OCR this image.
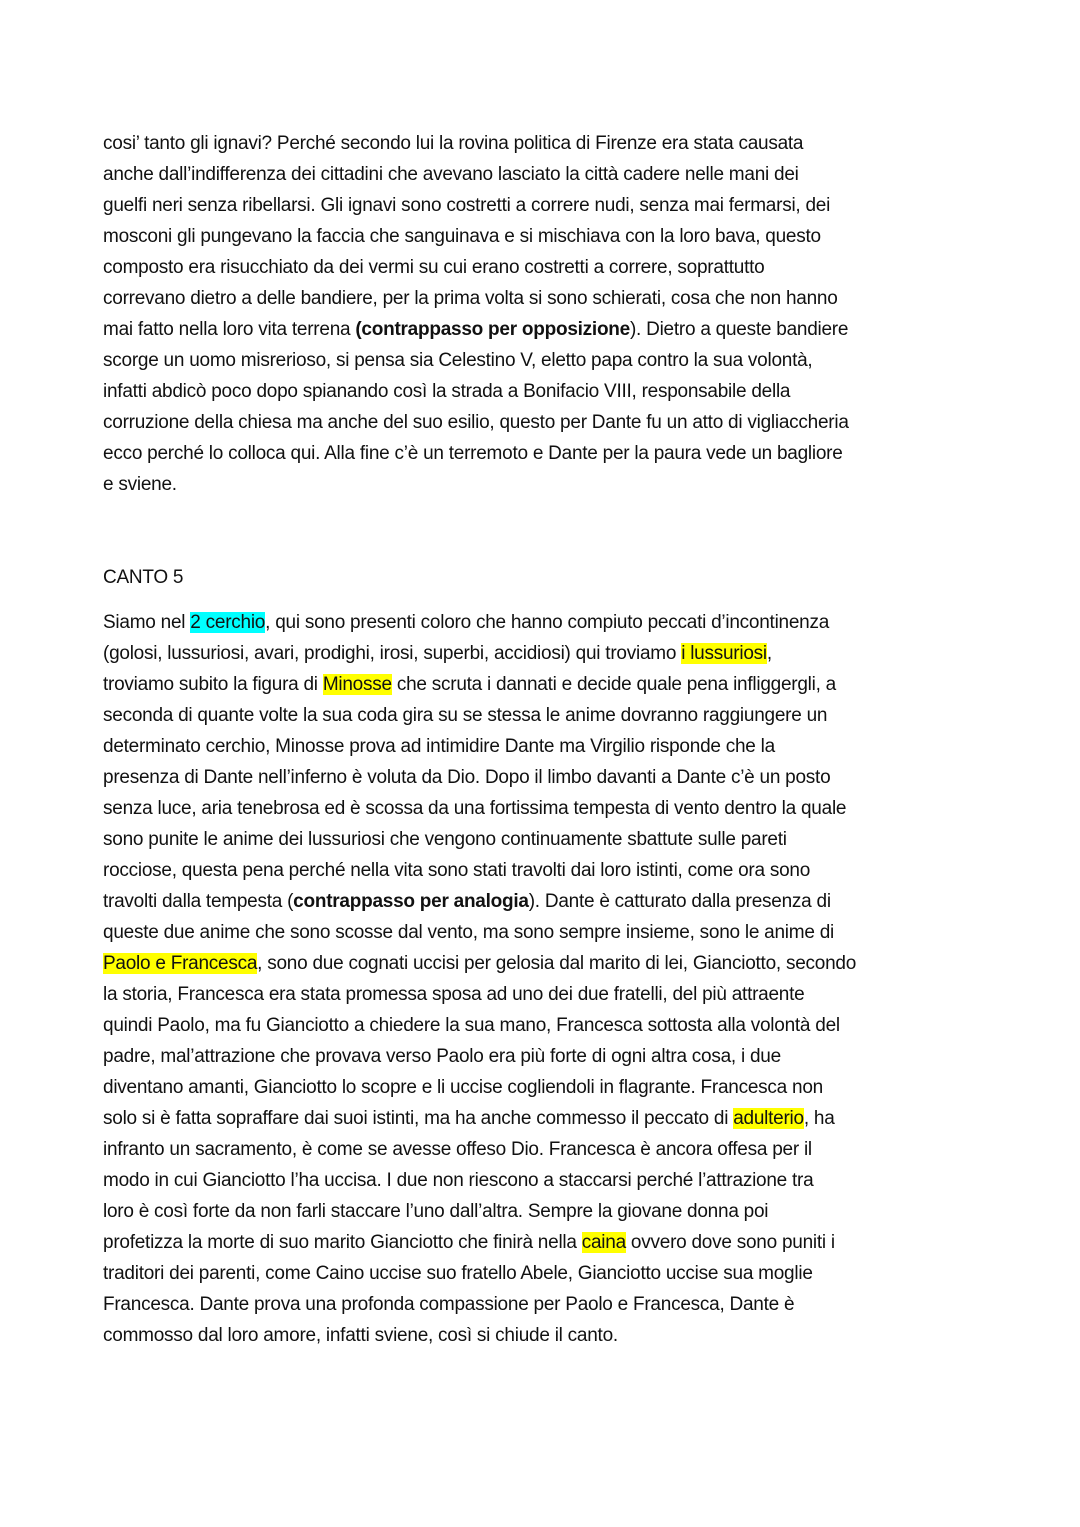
cosi’ tanto gli ignavi? Perché secondo lui la rovina politica di Firenze era stata causata
anche dall’indifferenza dei cittadini che avevano lasciato la città cadere nelle mani dei
guelfi neri senza ribellarsi. Gli ignavi sono costretti a correre nudi, senza mai fermarsi, dei
mosconi gli pungevano la faccia che sanguinava e si mischiava con la loro bava, questo
composto era risucchiato da dei vermi su cui erano costretti a correre, soprattutto
correvano dietro a delle bandiere, per la prima volta si sono schierati, cosa che non hanno
mai fatto nella loro vita terrena (contrappasso per opposizione). Dietro a queste bandiere
scorge un uomo misrerioso, si pensa sia Celestino V, eletto papa contro la sua volontà,
infatti abdicò poco dopo spianando così la strada a Bonifacio VIII, responsabile della
corruzione della chiesa ma anche del suo esilio, questo per Dante fu un atto di vigliaccheria
ecco perché lo colloca qui. Alla fine c’è un terremoto e Dante per la paura vede un bagliore
e sviene.
CANTO 5
Siamo nel 2 cerchio, qui sono presenti coloro che hanno compiuto peccati d’incontinenza
(golosi, lussuriosi, avari, prodighi, irosi, superbi, accidiosi) qui troviamo i lussuriosi,
troviamo subito la figura di Minosse che scruta i dannati e decide quale pena infliggergli, a
seconda di quante volte la sua coda gira su se stessa le anime dovranno raggiungere un
determinato cerchio, Minosse prova ad intimidire Dante ma Virgilio risponde che la
presenza di Dante nell’inferno è voluta da Dio. Dopo il limbo davanti a Dante c’è un posto
senza luce, aria tenebrosa ed è scossa da una fortissima tempesta di vento dentro la quale
sono punite le anime dei lussuriosi che vengono continuamente sbattute sulle pareti
rocciose, questa pena perché nella vita sono stati travolti dai loro istinti, come ora sono
travolti dalla tempesta (contrappasso per analogia). Dante è catturato dalla presenza di
queste due anime che sono scosse dal vento, ma sono sempre insieme, sono le anime di
Paolo e Francesca, sono due cognati uccisi per gelosia dal marito di lei, Gianciotto, secondo
la storia, Francesca era stata promessa sposa ad uno dei due fratelli, del più attraente
quindi Paolo, ma fu Gianciotto a chiedere la sua mano, Francesca sottosta alla volontà del
padre, mal’attrazione che provava verso Paolo era più forte di ogni altra cosa, i due
diventano amanti, Gianciotto lo scopre e li uccise cogliendoli in flagrante. Francesca non
solo si è fatta sopraffare dai suoi istinti, ma ha anche commesso il peccato di adulterio, ha
infranto un sacramento, è come se avesse offeso Dio. Francesca è ancora offesa per il
modo in cui Gianciotto l’ha uccisa. I due non riescono a staccarsi perché l’attrazione tra
loro è così forte da non farli staccare l’uno dall’altra. Sempre la giovane donna poi
profetizza la morte di suo marito Gianciotto che finirà nella caina ovvero dove sono puniti i
traditori dei parenti, come Caino uccise suo fratello Abele, Gianciotto uccise sua moglie
Francesca. Dante prova una profonda compassione per Paolo e Francesca, Dante è
commosso dal loro amore, infatti sviene, così si chiude il canto.
